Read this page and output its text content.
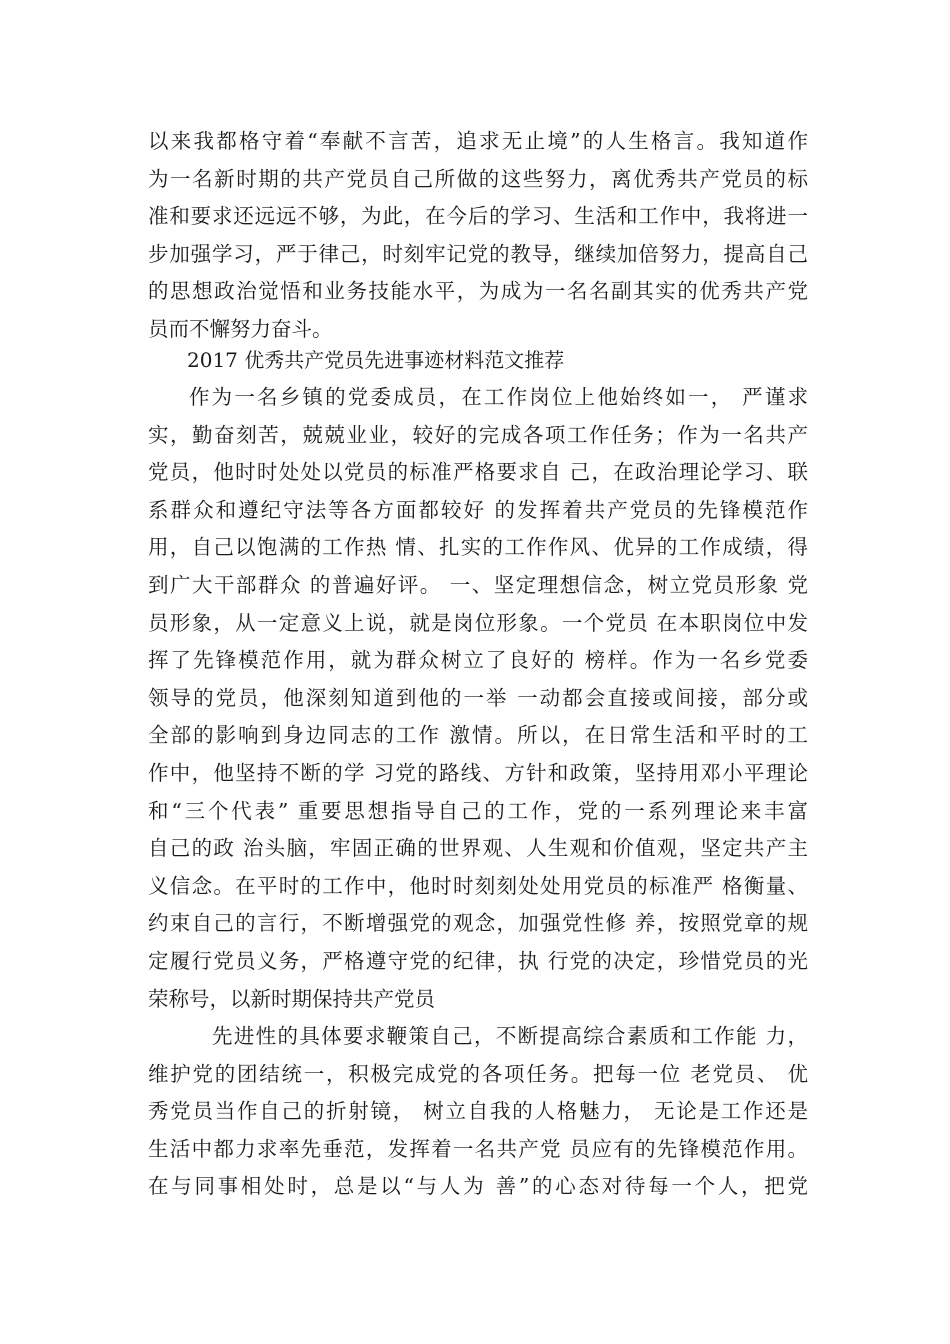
以来我都格守着“奉献不言苦，追求无止境”的人生格言。我知道作
为一名新时期的共产党员自己所做的这些努力，离优秀共产党员的标
准和要求还远远不够，为此，在今后的学习、生活和工作中，我将进一
步加强学习，严于律己，时刻牢记党的教导，继续加倍努力，提高自己
的思想政治觉悟和业务技能水平，为成为一名名副其实的优秀共产党
员而不懈努力奋斗。
2017 优秀共产党员先进事迹材料范文推荐
作为一名乡镇的党委成员，在工作岗位上他始终如一， 严谨求
实，勤奋刻苦，兢兢业业，较好的完成各项工作任务；作为一名共产
党员，他时时处处以党员的标准严格要求自 己，在政治理论学习、联
系群众和遵纪守法等各方面都较好 的发挥着共产党员的先锋模范作
用，自己以饱满的工作热 情、扎实的工作作风、优异的工作成绩，得
到广大干部群众 的普遍好评。 一、坚定理想信念，树立党员形象 党
员形象，从一定意义上说，就是岗位形象。一个党员 在本职岗位中发
挥了先锋模范作用，就为群众树立了良好的 榜样。作为一名乡党委
领导的党员，他深刻知道到他的一举 一动都会直接或间接，部分或
全部的影响到身边同志的工作 激情。所以，在日常生活和平时的工
作中，他坚持不断的学 习党的路线、方针和政策，坚持用邓小平理论
和“三个代表” 重要思想指导自己的工作，党的一系列理论来丰富
自己的政 治头脑，牢固正确的世界观、人生观和价值观，坚定共产主
义信念。在平时的工作中，他时时刻刻处处用党员的标准严 格衡量、
约束自己的言行，不断增强党的观念，加强党性修 养，按照党章的规
定履行党员义务，严格遵守党的纪律，执 行党的决定，珍惜党员的光
荣称号，以新时期保持共产党员
先进性的具体要求鞭策自己，不断提高综合素质和工作能 力，
维护党的团结统一，积极完成党的各项任务。把每一位 老党员、 优
秀党员当作自己的折射镜， 树立自我的人格魅力， 无论是工作还是
生活中都力求率先垂范，发挥着一名共产党 员应有的先锋模范作用。
在与同事相处时，总是以“与人为 善”的心态对待每一个人，把党
